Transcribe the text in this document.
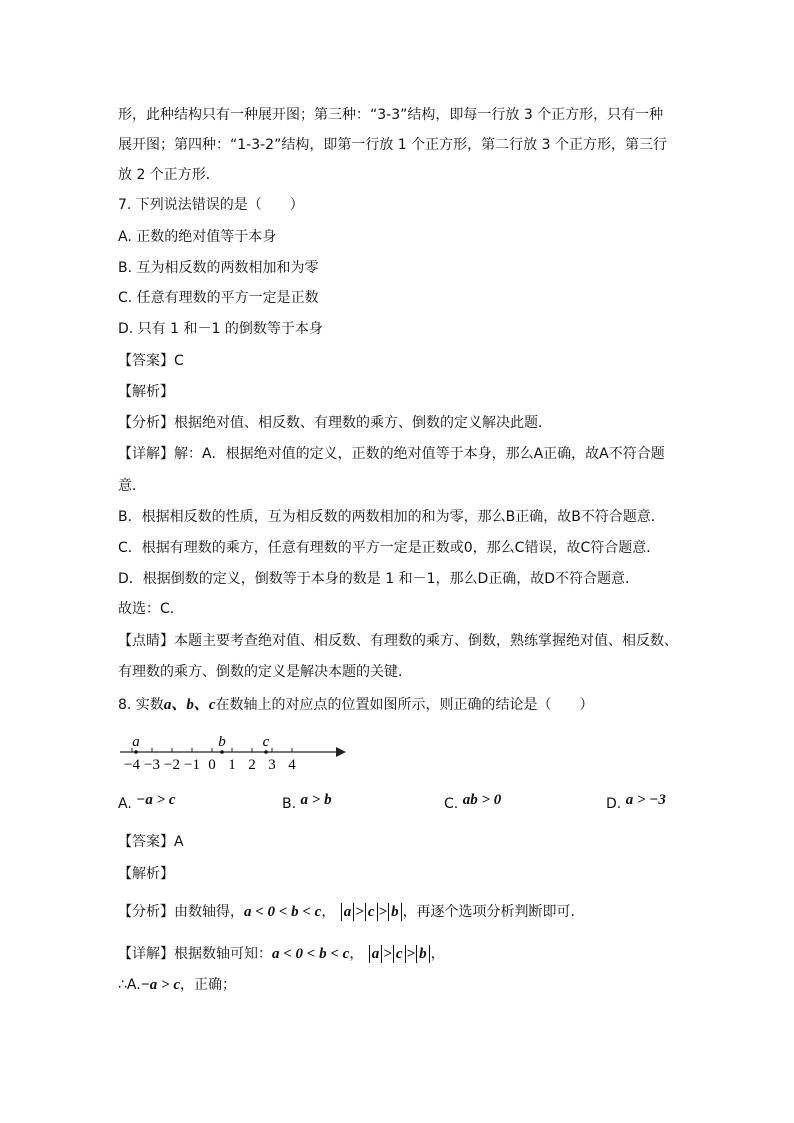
形，此种结构只有一种展开图；第三种：“3-3”结构，即每一行放 3 个正方形，只有一种
展开图；第四种：“1-3-2”结构，即第一行放 1 个正方形，第二行放 3 个正方形，第三行
放 2 个正方形．
7. 下列说法错误的是（　　）
A. 正数的绝对值等于本身
B. 互为相反数的两数相加和为零
C. 任意有理数的平方一定是正数
D. 只有 1 和－1 的倒数等于本身
【答案】C
【解析】
【分析】根据绝对值、相反数、有理数的乘方、倒数的定义解决此题．
【详解】解：A．根据绝对值的定义，正数的绝对值等于本身，那么A正确，故A不符合题
意．
B．根据相反数的性质，互为相反数的两数相加的和为零，那么B正确，故B不符合题意．
C．根据有理数的乘方，任意有理数的平方一定是正数或0，那么C错误，故C符合题意．
D．根据倒数的定义，倒数等于本身的数是 1 和－1，那么D正确，故D不符合题意．
故选：C．
【点睛】本题主要考查绝对值、相反数、有理数的乘方、倒数，熟练掌握绝对值、相反数、
有理数的乘方、倒数的定义是解决本题的关键．
8. 实数a、b、c在数轴上的对应点的位置如图所示，则正确的结论是（　　）
−4 −3 −2 −1 0 1 2 3 4
a	b c
A. −a > c	B. a > b	C. ab > 0	D. a > −3
【答案】A
【解析】
【分析】由数轴得，a < 0 < b < c， a > c > b ，再逐个选项分析判断即可.
【详解】根据数轴可知：a < 0 < b < c， a > c > b ，
∴A.−a > c，正确；
